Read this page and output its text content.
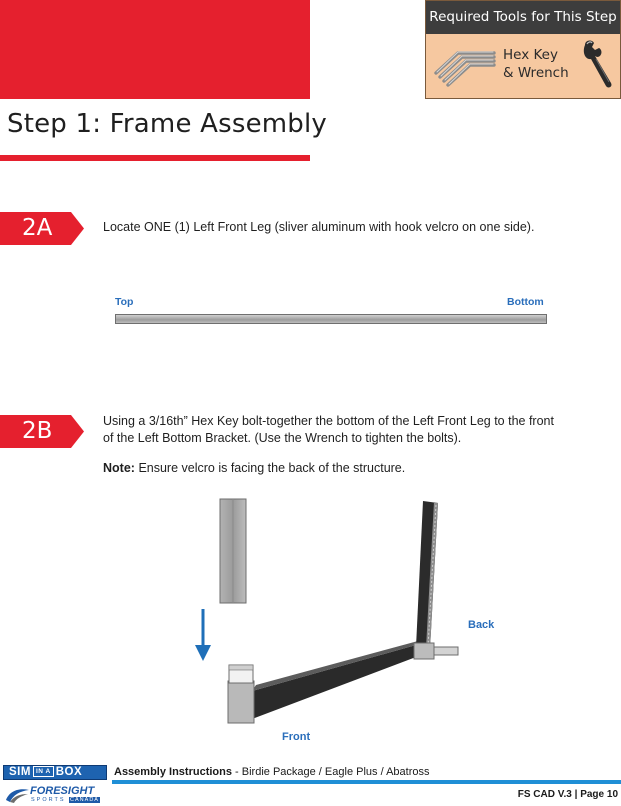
Step 1: Frame Assembly
Required Tools for This Step
Hex Key
& Wrench
2A	Locate ONE (1) Left Front Leg (sliver aluminum with hook velcro on one side).
Top	Bottom
2B	Using a 3/16th” Hex Key bolt-together the bottom of the Left Front Leg to the front
of the Left Bottom Bracket. (Use the Wrench to tighten the bolts).
Note: Ensure velcro is facing the back of the structure.
Back
Front
SIM IN A BOX	Assembly Instructions - Birdie Package / Eagle Plus / Abatross
FORESIGHT
SPORTS CANADA	FS CAD V.3 | Page 10
